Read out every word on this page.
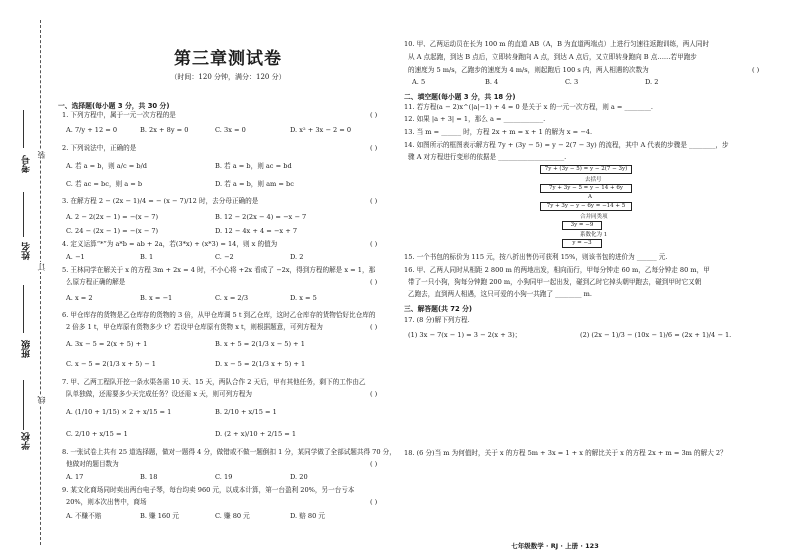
装
订
线
考号
姓名
班级
学校
第三章测试卷
（时间：120 分钟，满分：120 分）
一、选择题(每小题 3 分，共 30 分)
1. 下列方程中，属于一元一次方程的是	( )
A. 7/y + 12 = 0	B. 2x + 8y = 0	C. 3x = 0	D. x² + 3x − 2 = 0
2. 下列说法中，正确的是	( )
A. 若 a = b，则 a/c = b/d	B. 若 a = b，则 ac = bd
C. 若 ac = bc，则 a = b	D. 若 a = b，则 am = bc
3. 在解方程 2 − (2x − 1)/4 = − (x − 7)/12 时，去分母正确的是	( )
A. 2 − 2(2x − 1) = −(x − 7)	B. 12 − 2(2x − 4) = −x − 7
C. 24 − (2x − 1) = −(x − 7)	D. 12 − 4x + 4 = −x + 7
4. 定义运算“*”为 a*b = ab + 2a，若(3*x) + (x*3) = 14，则 x 的值为	( )
A. −1	B. 1	C. −2	D. 2
5. 王林同学在解关于 x 的方程 3m + 2x = 4 时，不小心将 +2x 看成了 −2x，得到方程的解是 x = 1，那
么原方程正确的解是	( )
A. x = 2	B. x = −1	C. x = 2/3	D. x = 5
6. 甲仓库存的货物是乙仓库存的货物的 3 倍，从甲仓库调 5 t 到乙仓库，这时乙仓库存的货物恰好比仓库的
2 倍多 1 t，甲仓库原有货物多少 t？若设甲仓库原有货物 x t，则根据题意，可列方程为	( )
A. 3x − 5 = 2(x + 5) + 1	B. x + 5 = 2(1/3 x − 5) + 1
C. x − 5 = 2(1/3 x + 5) − 1	D. x − 5 = 2(1/3 x + 5) + 1
7. 甲、乙两工程队开挖一条水渠各需 10 天、15 天，两队合作 2 天后，甲有其他任务，剩下的工作由乙
队单独做，还需要多少天完成任务？设还需 x 天，则可列方程为	( )
A. (1/10 + 1/15) × 2 + x/15 = 1	B. 2/10 + x/15 = 1
C. 2/10 + x/15 = 1	D. (2 + x)/10 + 2/15 = 1
8. 一张试卷上共有 25 道选择题，做对一题得 4 分，做错或不做一题倒扣 1 分，某同学做了全部试题共得 70 分，
他做对的题目数为	( )
A. 17	B. 18	C. 19	D. 20
9. 某文化商场同时卖出两台电子琴，每台均卖 960 元，以成本计算，第一台盈利 20%，另一台亏本
20%，则本次出售中，商场	( )
A. 不赚不赔	B. 赚 160 元	C. 赚 80 元	D. 赔 80 元
10. 甲、乙两运动员在长为 100 m 的直道 AB（A，B 为直道两端点）上进行匀速往返跑训练，两人同时
从 A 点起跑，到达 B 点后，立即转身跑向 A 点，到达 A 点后，又立即转身跑向 B 点……若甲跑步
的速度为 5 m/s，乙跑步的速度为 4 m/s，则起跑后 100 s 内，两人相遇的次数为	( )
A. 5	B. 4	C. 3	D. 2
二、填空题(每小题 3 分，共 18 分)
11. 若方程(a − 2)x^(|a|−1) + 4 = 0 是关于 x 的一元一次方程，则 a = ________.
12. 如果 |a + 3| = 1，那么 a = ____________.
13. 当 m = ______ 时，方程 2x + m = x + 1 的解为 x = −4.
14. 如图所示的框图表示解方程 7y + (3y − 5) = y − 2(7 − 3y) 的流程，其中 A 代表的步骤是 ________，步
骤 A 对方程进行变形的依据是 ____________________.
7y + (3y − 5) = y − 2(7 − 3y)
去括号
7y + 3y − 5 = y − 14 + 6y
A
7y + 3y − y − 6y = −14 + 5
合并同类项
3y = −9
系数化为 1
y = −3
15. 一个书包的标价为 115 元，按八折出售仍可获利 15%，则该书包的进价为 ______ 元.
16. 甲、乙两人同时从相距 2 800 m 的两地出发，相向而行，甲每分钟走 60 m，乙每分钟走 80 m，甲
带了一只小狗，狗每分钟跑 200 m，小狗同甲一起出发，碰到乙时它掉头朝甲跑去，碰到甲时它又朝
乙跑去，直到两人相遇，这只可爱的小狗一共跑了 ________ m.
三、解答题(共 72 分)
17. (8 分)解下列方程.
(1) 3x − 7(x − 1) = 3 − 2(x + 3)；	(2) (2x − 1)/3 − (10x − 1)/6 = (2x + 1)/4 − 1.
18. (6 分)当 m 为何值时，关于 x 的方程 5m + 3x = 1 + x 的解比关于 x 的方程 2x + m = 3m 的解大 2？
七年级数学 · RJ · 上册 · 123
